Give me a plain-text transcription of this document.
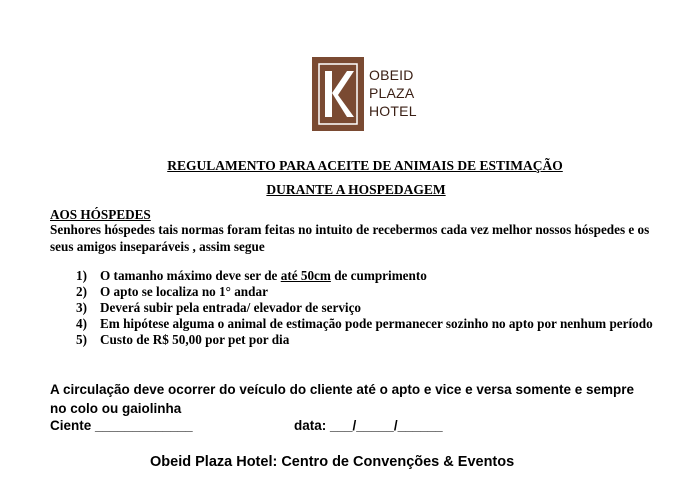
OBEID
PLAZA
HOTEL
REGULAMENTO PARA ACEITE DE ANIMAIS DE ESTIMAÇÃO
DURANTE A HOSPEDAGEM
AOS HÓSPEDES
Senhores hóspedes tais normas foram feitas no intuito de recebermos cada vez melhor nossos hóspedes e os seus amigos inseparáveis , assim segue
1) O tamanho máximo deve ser de até 50cm de cumprimento
2) O apto se localiza no 1° andar
3) Deverá subir pela entrada/ elevador de serviço
4) Em hipótese alguma o animal de estimação pode permanecer sozinho no apto por nenhum período
5) Custo de R$ 50,00 por pet por dia
A circulação deve ocorrer do veículo do cliente até o apto e vice e versa somente e sempre no colo ou gaiolinha
Ciente _____________	data: ___/_____/______
Obeid Plaza Hotel: Centro de Convenções & Eventos
